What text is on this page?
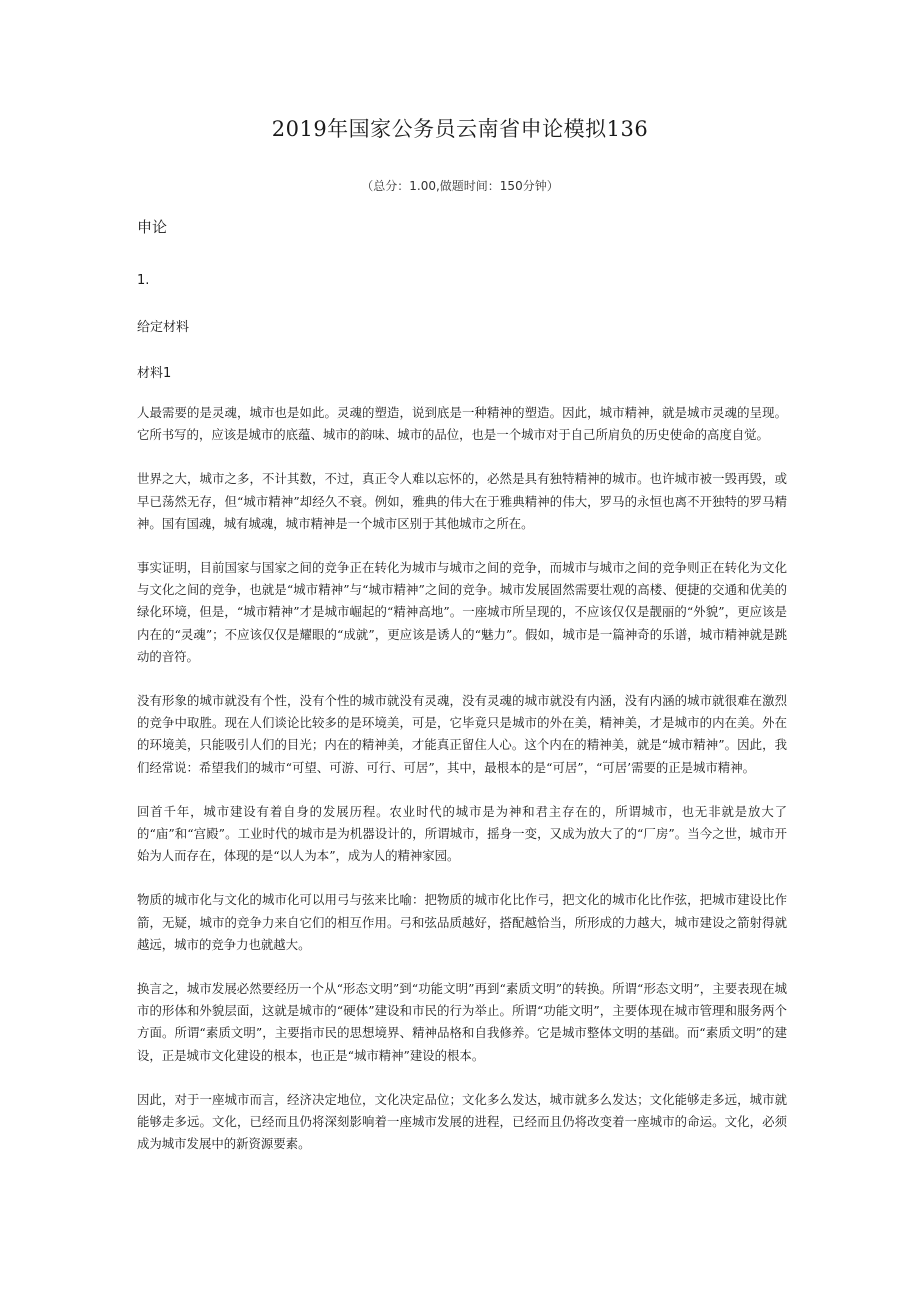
2019年国家公务员云南省申论模拟136
（总分：1.00,做题时间：150分钟）
申论
1.
给定材料
材料1

人最需要的是灵魂，城市也是如此。灵魂的塑造，说到底是一种精神的塑造。因此，城市精神，就是城市灵魂的呈现。它所书写的，应该是城市的底蕴、城市的韵味、城市的品位，也是一个城市对于自己所肩负的历史使命的高度自觉。

世界之大，城市之多，不计其数，不过，真正令人难以忘怀的，必然是具有独特精神的城市。也许城市被一毁再毁，或早已荡然无存，但“城市精神”却经久不衰。例如，雅典的伟大在于雅典精神的伟大，罗马的永恒也离不开独特的罗马精神。国有国魂，城有城魂，城市精神是一个城市区别于其他城市之所在。

事实证明，目前国家与国家之间的竞争正在转化为城市与城市之间的竞争，而城市与城市之间的竞争则正在转化为文化与文化之间的竞争，也就是“城市精神”与“城市精神”之间的竞争。城市发展固然需要壮观的高楼、便捷的交通和优美的绿化环境，但是，“城市精神”才是城市崛起的“精神高地”。一座城市所呈现的，不应该仅仅是靓丽的“外貌”，更应该是内在的“灵魂”；不应该仅仅是耀眼的“成就”，更应该是诱人的“魅力”。假如，城市是一篇神奇的乐谱，城市精神就是跳动的音符。

没有形象的城市就没有个性，没有个性的城市就没有灵魂，没有灵魂的城市就没有内涵，没有内涵的城市就很难在激烈的竞争中取胜。现在人们谈论比较多的是环境美，可是，它毕竟只是城市的外在美，精神美，才是城市的内在美。外在的环境美，只能吸引人们的目光；内在的精神美，才能真正留住人心。这个内在的精神美，就是“城市精神”。因此，我们经常说：希望我们的城市“可望、可游、可行、可居”，其中，最根本的是“可居”，“可居’需要的正是城市精神。

回首千年，城市建设有着自身的发展历程。农业时代的城市是为神和君主存在的，所谓城市，也无非就是放大了的“庙”和“宫殿”。工业时代的城市是为机器设计的，所谓城市，摇身一变，又成为放大了的“厂房”。当今之世，城市开始为人而存在，体现的是“以人为本”，成为人的精神家园。

物质的城市化与文化的城市化可以用弓与弦来比喻：把物质的城市化比作弓，把文化的城市化比作弦，把城市建设比作箭，无疑，城市的竞争力来自它们的相互作用。弓和弦品质越好，搭配越恰当，所形成的力越大，城市建设之箭射得就越远，城市的竞争力也就越大。

换言之，城市发展必然要经历一个从“形态文明”到“功能文明”再到“素质文明”的转换。所谓“形态文明”，主要表现在城市的形体和外貌层面，这就是城市的“硬体”建设和市民的行为举止。所谓“功能文明”，主要体现在城市管理和服务两个方面。所谓“素质文明”，主要指市民的思想境界、精神品格和自我修养。它是城市整体文明的基础。而“素质文明”的建设，正是城市文化建设的根本，也正是“城市精神”建设的根本。

因此，对于一座城市而言，经济决定地位，文化决定品位；文化多么发达，城市就多么发达；文化能够走多远，城市就能够走多远。文化，已经而且仍将深刻影响着一座城市发展的进程，已经而且仍将改变着一座城市的命运。文化，必须成为城市发展中的新资源要素。
